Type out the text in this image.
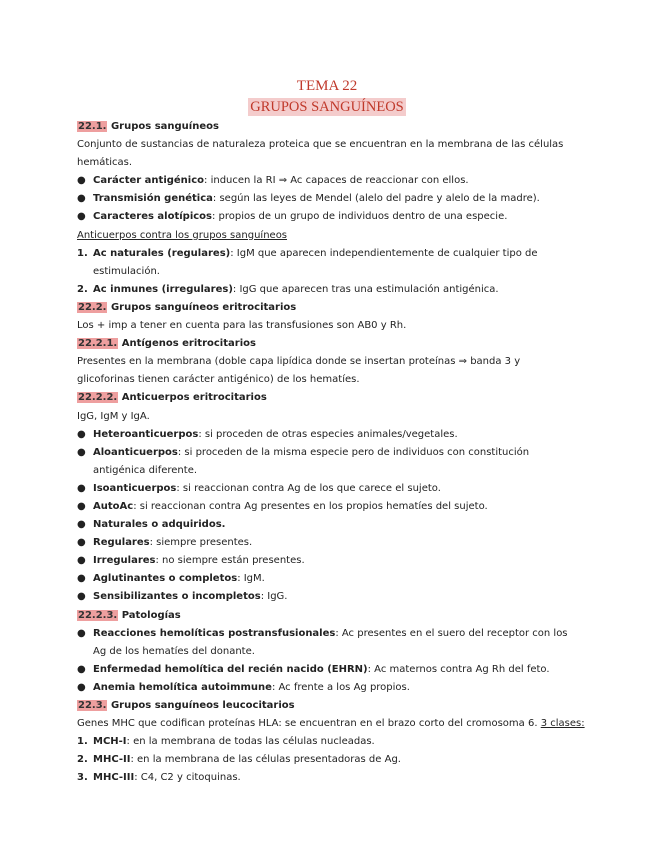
TEMA 22
GRUPOS SANGUÍNEOS
22.1. Grupos sanguíneos
Conjunto de sustancias de naturaleza proteica que se encuentran en la membrana de las células hemáticas.
● Carácter antigénico: inducen la RI ⇒ Ac capaces de reaccionar con ellos.
● Transmisión genética: según las leyes de Mendel (alelo del padre y alelo de la madre).
● Caracteres alotípicos: propios de un grupo de individuos dentro de una especie.
Anticuerpos contra los grupos sanguíneos
1. Ac naturales (regulares): IgM que aparecen independientemente de cualquier tipo de estimulación.
2. Ac inmunes (irregulares): IgG que aparecen tras una estimulación antigénica.
22.2. Grupos sanguíneos eritrocitarios
Los + imp a tener en cuenta para las transfusiones son AB0 y Rh.
22.2.1. Antígenos eritrocitarios
Presentes en la membrana (doble capa lipídica donde se insertan proteínas ⇒ banda 3 y glicoforinas tienen carácter antigénico) de los hematíes.
22.2.2. Anticuerpos eritrocitarios
IgG, IgM y IgA.
● Heteroanticuerpos: si proceden de otras especies animales/vegetales.
● Aloanticuerpos: si proceden de la misma especie pero de individuos con constitución antigénica diferente.
● Isoanticuerpos: si reaccionan contra Ag de los que carece el sujeto.
● AutoAc: si reaccionan contra Ag presentes en los propios hematíes del sujeto.
● Naturales o adquiridos.
● Regulares: siempre presentes.
● Irregulares: no siempre están presentes.
● Aglutinantes o completos: IgM.
● Sensibilizantes o incompletos: IgG.
22.2.3. Patologías
● Reacciones hemolíticas postransfusionales: Ac presentes en el suero del receptor con los Ag de los hematíes del donante.
● Enfermedad hemolítica del recién nacido (EHRN): Ac maternos contra Ag Rh del feto.
● Anemia hemolítica autoimmune: Ac frente a los Ag propios.
22.3. Grupos sanguíneos leucocitarios
Genes MHC que codifican proteínas HLA: se encuentran en el brazo corto del cromosoma 6. 3 clases:
1. MCH-I: en la membrana de todas las células nucleadas.
2. MHC-II: en la membrana de las células presentadoras de Ag.
3. MHC-III: C4, C2 y citoquinas.
